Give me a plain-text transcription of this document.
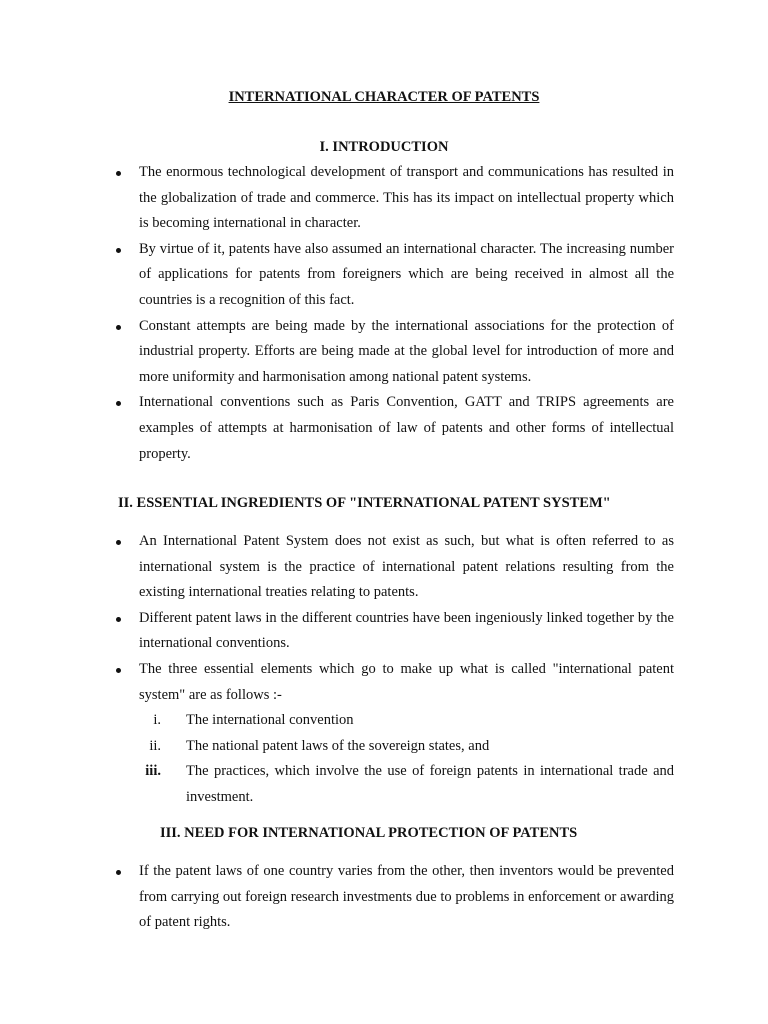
INTERNATIONAL CHARACTER OF PATENTS
I. INTRODUCTION
The enormous technological development of transport and communications has resulted in the globalization of trade and commerce. This has its impact on intellectual property which is becoming international in character.
By virtue of it, patents have also assumed an international character. The increasing number of applications for patents from foreigners which are being received in almost all the countries is a recognition of this fact.
Constant attempts are being made by the international associations for the protection of industrial property. Efforts are being made at the global level for introduction of more and more uniformity and harmonisation among national patent systems.
International conventions such as Paris Convention, GATT and TRIPS agreements are examples of attempts at harmonisation of law of patents and other forms of intellectual property.
II. ESSENTIAL INGREDIENTS OF "INTERNATIONAL PATENT SYSTEM"
An International Patent System does not exist as such, but what is often referred to as international system is the practice of international patent relations resulting from the existing international treaties relating to patents.
Different patent laws in the different countries have been ingeniously linked together by the international conventions.
The three essential elements which go to make up what is called "international patent system" are as follows :-
i. The international convention
ii. The national patent laws of the sovereign states, and
iii. The practices, which involve the use of foreign patents in international trade and investment.
III. NEED FOR INTERNATIONAL PROTECTION OF PATENTS
If the patent laws of one country varies from the other, then inventors would be prevented from carrying out foreign research investments due to problems in enforcement or awarding of patent rights.
